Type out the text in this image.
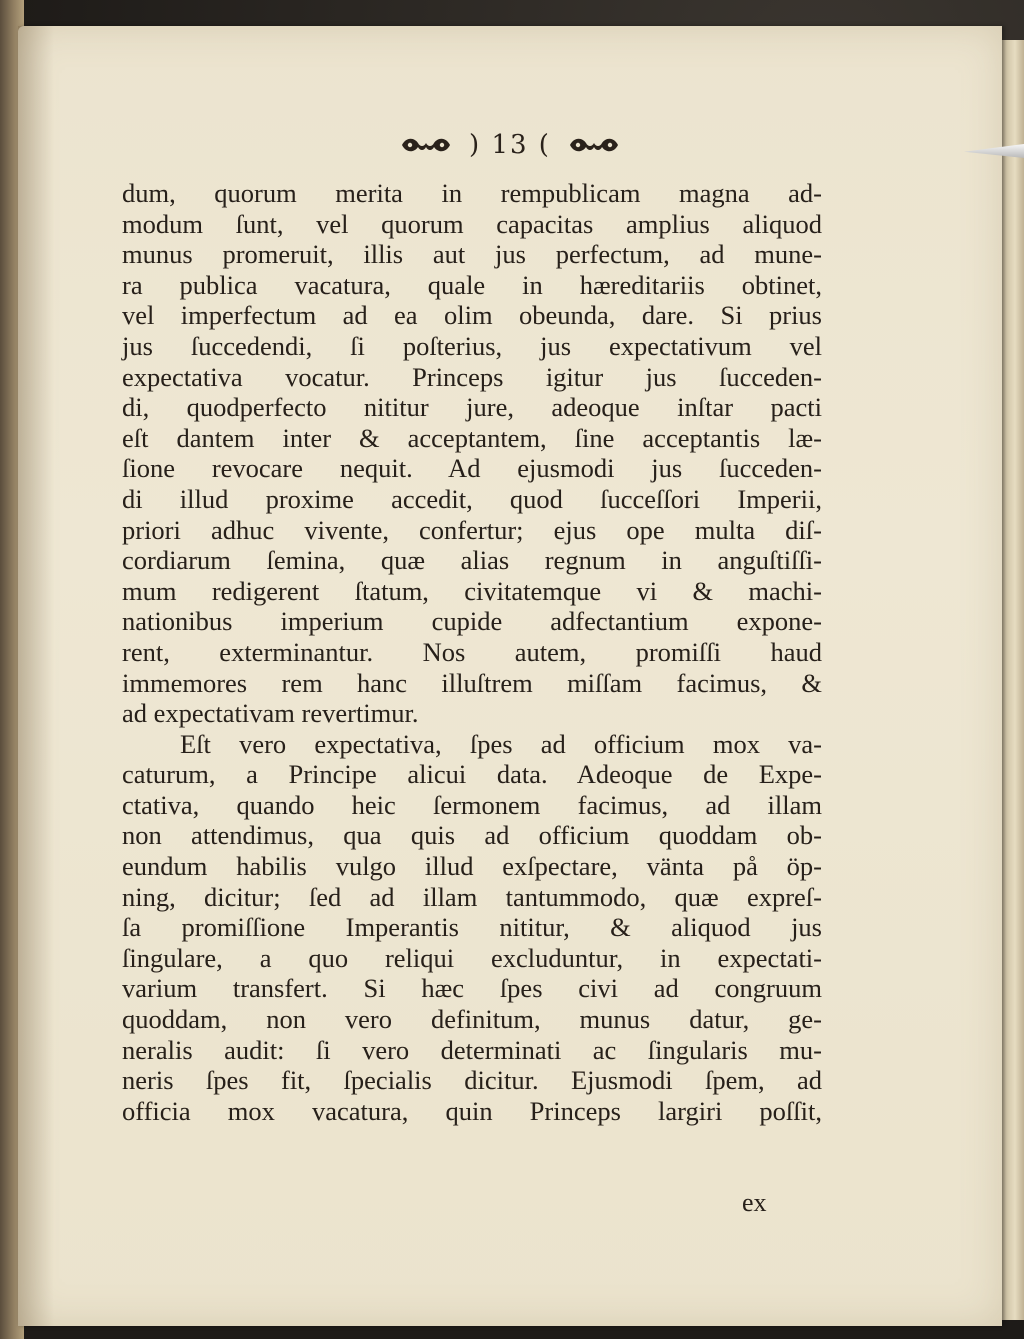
) 13 (
dum, quorum merita in rempublicam magna ad-
modum ſunt, vel quorum capacitas amplius aliquod
munus promeruit, illis aut jus perfectum, ad mune-
ra publica vacatura, quale in hæreditariis obtinet,
vel imperfectum ad ea olim obeunda, dare. Si prius
jus ſuccedendi, ſi poſterius, jus expectativum vel
expectativa vocatur. Princeps igitur jus ſucceden-
di, quodperfecto nititur jure, adeoque inſtar pacti
eſt dantem inter & acceptantem, ſine acceptantis læ-
ſione revocare nequit. Ad ejusmodi jus ſucceden-
di illud proxime accedit, quod ſucceſſori Imperii,
priori adhuc vivente, confertur; ejus ope multa diſ-
cordiarum ſemina, quæ alias regnum in anguſtiſſi-
mum redigerent ſtatum, civitatemque vi & machi-
nationibus imperium cupide adfectantium expone-
rent, exterminantur. Nos autem, promiſſi haud
immemores rem hanc illuſtrem miſſam facimus, &
ad expectativam revertimur.
Eſt vero expectativa, ſpes ad officium mox va-
caturum, a Principe alicui data. Adeoque de Expe-
ctativa, quando heic ſermonem facimus, ad illam
non attendimus, qua quis ad officium quoddam ob-
eundum habilis vulgo illud exſpectare, vänta på öp-
ning, dicitur; ſed ad illam tantummodo, quæ expreſ-
ſa promiſſione Imperantis nititur, & aliquod jus
ſingulare, a quo reliqui excluduntur, in expectati-
varium transfert. Si hæc ſpes civi ad congruum
quoddam, non vero definitum, munus datur, ge-
neralis audit: ſi vero determinati ac ſingularis mu-
neris ſpes fit, ſpecialis dicitur. Ejusmodi ſpem, ad
officia mox vacatura, quin Princeps largiri poſſit,
ex
